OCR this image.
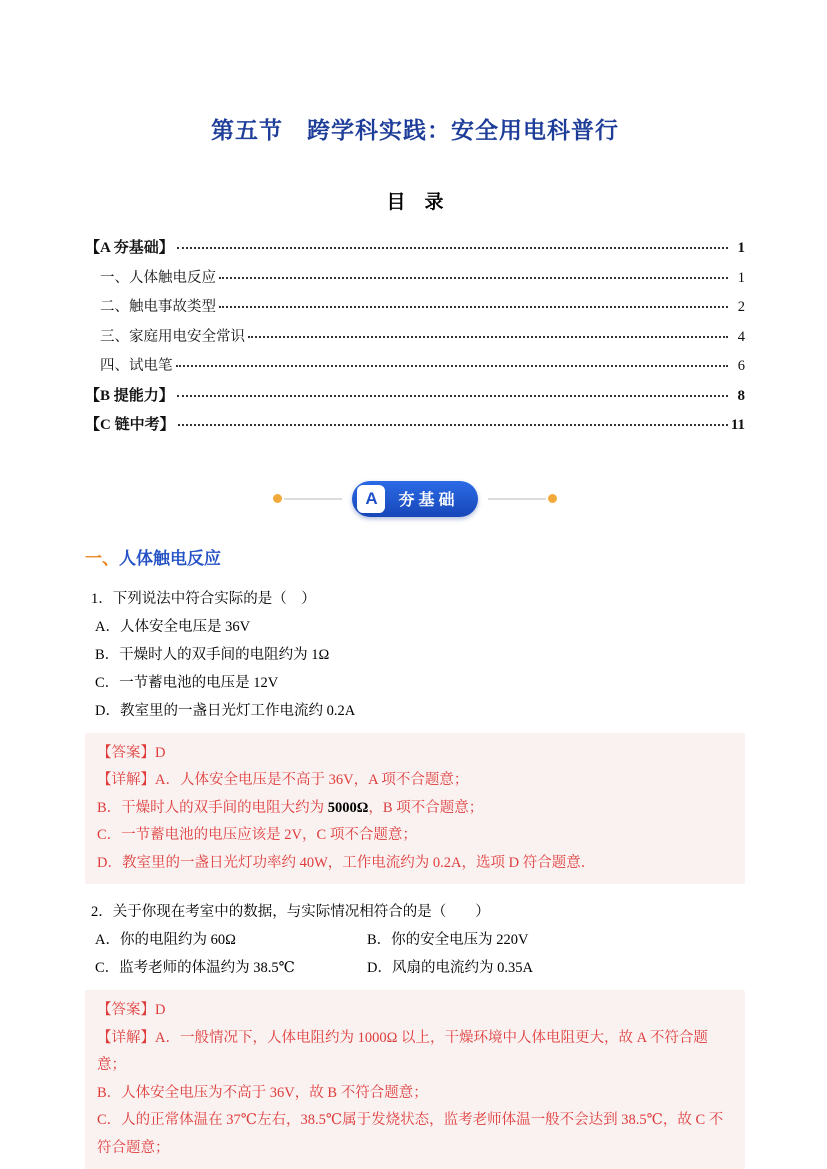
第五节　跨学科实践：安全用电科普行
目　录
【A 夯基础】	1
一、人体触电反应	1
二、触电事故类型	2
三、家庭用电安全常识	4
四、试电笔	6
【B 提能力】	8
【C 链中考】	11
A	夯基础
一、人体触电反应
1．下列说法中符合实际的是（　）
A．人体安全电压是 36V
B．干燥时人的双手间的电阻约为 1Ω
C．一节蓄电池的电压是 12V
D．教室里的一盏日光灯工作电流约 0.2A
【答案】D
【详解】A．人体安全电压是不高于 36V，A 项不合题意；
B．干燥时人的双手间的电阻大约为 5000Ω，B 项不合题意；
C．一节蓄电池的电压应该是 2V，C 项不合题意；
D．教室里的一盏日光灯功率约 40W，工作电流约为 0.2A，选项 D 符合题意．
2．关于你现在考室中的数据，与实际情况相符合的是（　　）
A．你的电阻约为 60Ω	B．你的安全电压为 220V
C．监考老师的体温约为 38.5℃	D．风扇的电流约为 0.35A
【答案】D
【详解】A．一般情况下，人体电阻约为 1000Ω 以上，干燥环境中人体电阻更大，故 A 不符合题意；
B．人体安全电压为不高于 36V，故 B 不符合题意；
C．人的正常体温在 37℃左右，38.5℃属于发烧状态，监考老师体温一般不会达到 38.5℃，故 C 不符合题意；
